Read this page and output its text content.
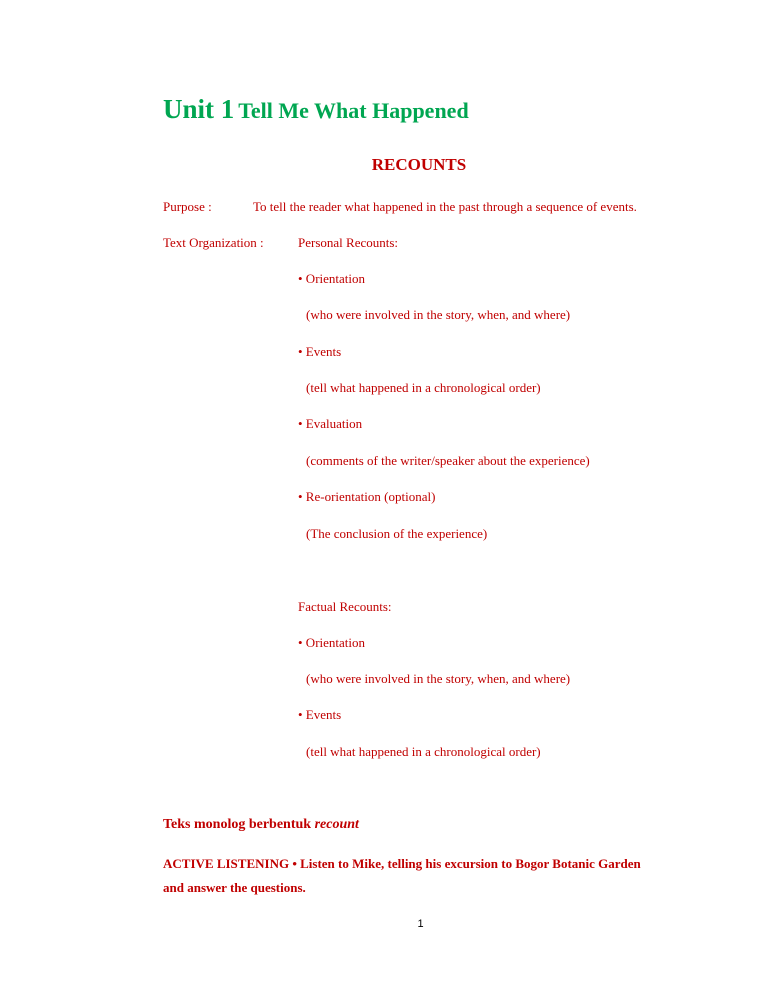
Unit 1 Tell Me What Happened
RECOUNTS
Purpose :	To tell the reader what happened in the past through a sequence of events.
Text Organization :	Personal Recounts:
• Orientation
(who were involved in the story, when, and where)
• Events
(tell what happened in a chronological order)
• Evaluation
(comments of the writer/speaker about the experience)
• Re-orientation (optional)
(The conclusion of the experience)
Factual Recounts:
• Orientation
(who were involved in the story, when, and where)
• Events
(tell what happened in a chronological order)
Teks monolog berbentuk recount
ACTIVE LISTENING • Listen to Mike, telling his excursion to Bogor Botanic Garden
and answer the questions.
1
